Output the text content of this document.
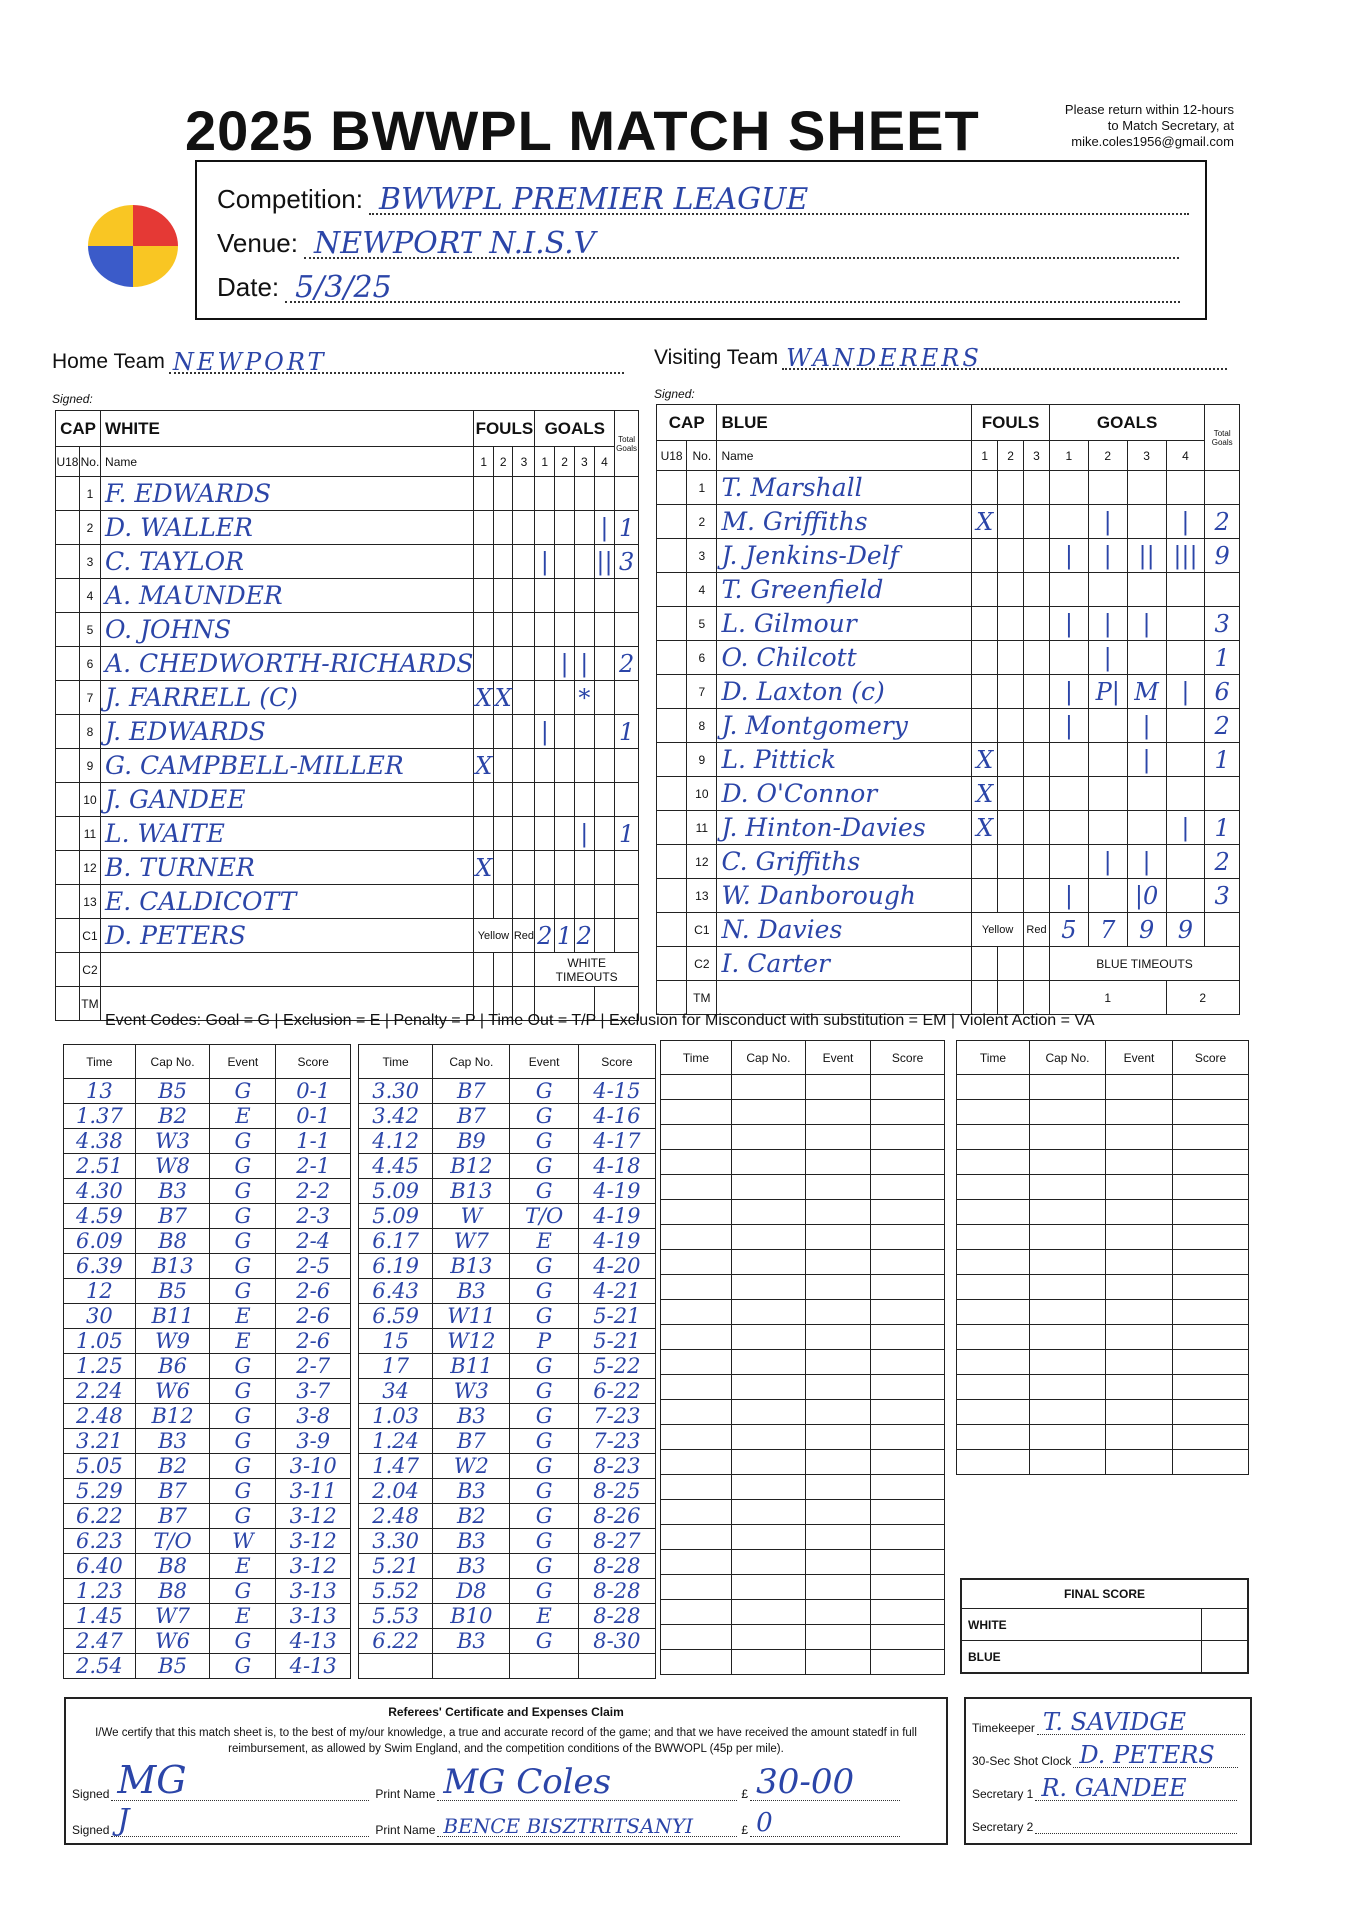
2025 BWWPL MATCH SHEET	Please return within 12-hours
to Match Secretary, at
mike.coles1956@gmail.com
Competition: BWWPL PREMIER LEAGUE
Venue: NEWPORT N.I.S.V
Date: 5/3/25
Home Team NEWPORT	Visiting Team WANDERERS
Signed:	Signed:
CAP		WHITE	FOULS			GOALS				Total Goals
U18	No.	Name	1	2	3	1	2	3	4	
	1	F. EDWARDS								
	2	D. WALLER							|	1
	3	C. TAYLOR				|			||	3
	4	A. MAUNDER								
	5	O. JOHNS								
	6	A. CHEDWORTH-RICHARDS					|	|		2
	7	J. FARRELL (C)	X	X				*		
	8	J. EDWARDS				|				1
	9	G. CAMPBELL-MILLER	X							
	10	J. GANDEE								
	11	L. WAITE						|		1
	12	B. TURNER	X							
	13	E. CALDICOTT								
	C1	D. PETERS	Yellow		Red	2	1	2		
	C2					WHITE TIMEOUTS				
	TM									
CAP		BLUE	FOULS			GOALS				Total Goals
U18	No.	Name	1	2	3	1	2	3	4	
	1	T. Marshall								
	2	M. Griffiths	X				|		|	2
	3	J. Jenkins-Delf				|	|	||	|||	9
	4	T. Greenfield								
	5	L. Gilmour				|	|	|		3
	6	O. Chilcott					|			1
	7	D. Laxton (c)				|	P|	M	|	6
	8	J. Montgomery				|		|		2
	9	L. Pittick	X					|		1
	10	D. O'Connor	X							
	11	J. Hinton-Davies	X						|	1
	12	C. Griffiths					|	|		2
	13	W. Danborough				|		|0		3
	C1	N. Davies	Yellow		Red	5	7	9	9	
	C2	I. Carter				BLUE TIMEOUTS				
	TM					1			2	
Event Codes: Goal = G | Exclusion = E | Penalty = P | Time Out = T/P | Exclusion for Misconduct with substitution = EM | Violent Action = VA
Time	Cap No.	Event	Score
13	B5	G	0-1
1.37	B2	E	0-1
4.38	W3	G	1-1
2.51	W8	G	2-1
4.30	B3	G	2-2
4.59	B7	G	2-3
6.09	B8	G	2-4
6.39	B13	G	2-5
12	B5	G	2-6
30	B11	E	2-6
1.05	W9	E	2-6
1.25	B6	G	2-7
2.24	W6	G	3-7
2.48	B12	G	3-8
3.21	B3	G	3-9
5.05	B2	G	3-10
5.29	B7	G	3-11
6.22	B7	G	3-12
6.23	T/O	W	3-12
6.40	B8	E	3-12
1.23	B8	G	3-13
1.45	W7	E	3-13
2.47	W6	G	4-13
2.54	B5	G	4-13
Time	Cap No.	Event	Score
3.30	B7	G	4-15
3.42	B7	G	4-16
4.12	B9	G	4-17
4.45	B12	G	4-18
5.09	B13	G	4-19
5.09	W	T/O	4-19
6.17	W7	E	4-19
6.19	B13	G	4-20
6.43	B3	G	4-21
6.59	W11	G	5-21
15	W12	P	5-21
17	B11	G	5-22
34	W3	G	6-22
1.03	B3	G	7-23
1.24	B7	G	7-23
1.47	W2	G	8-23
2.04	B3	G	8-25
2.48	B2	G	8-26
3.30	B3	G	8-27
5.21	B3	G	8-28
5.52	D8	G	8-28
5.53	B10	E	8-28
6.22	B3	G	8-30

Time	Cap No.	Event	Score

				Time	Cap No.	Event	Score

FINAL SCORE
WHITE
BLUE
Referees' Certificate and Expenses Claim
I/We certify that this match sheet is, to the best of my/our knowledge, a true and accurate record of the game; and that we have received the amount statedf in full reimbursement, as allowed by Swim England, and the competition conditions of the BWWOPL (45p per mile).
Signed MG	Print Name MG Coles	£ 30-00
Signed J	Print Name BENCE BISZTRITSANYI	£ 0
Timekeeper T. SAVIDGE
30-Sec Shot Clock D. PETERS
Secretary 1 R. GANDEE
Secretary 2
